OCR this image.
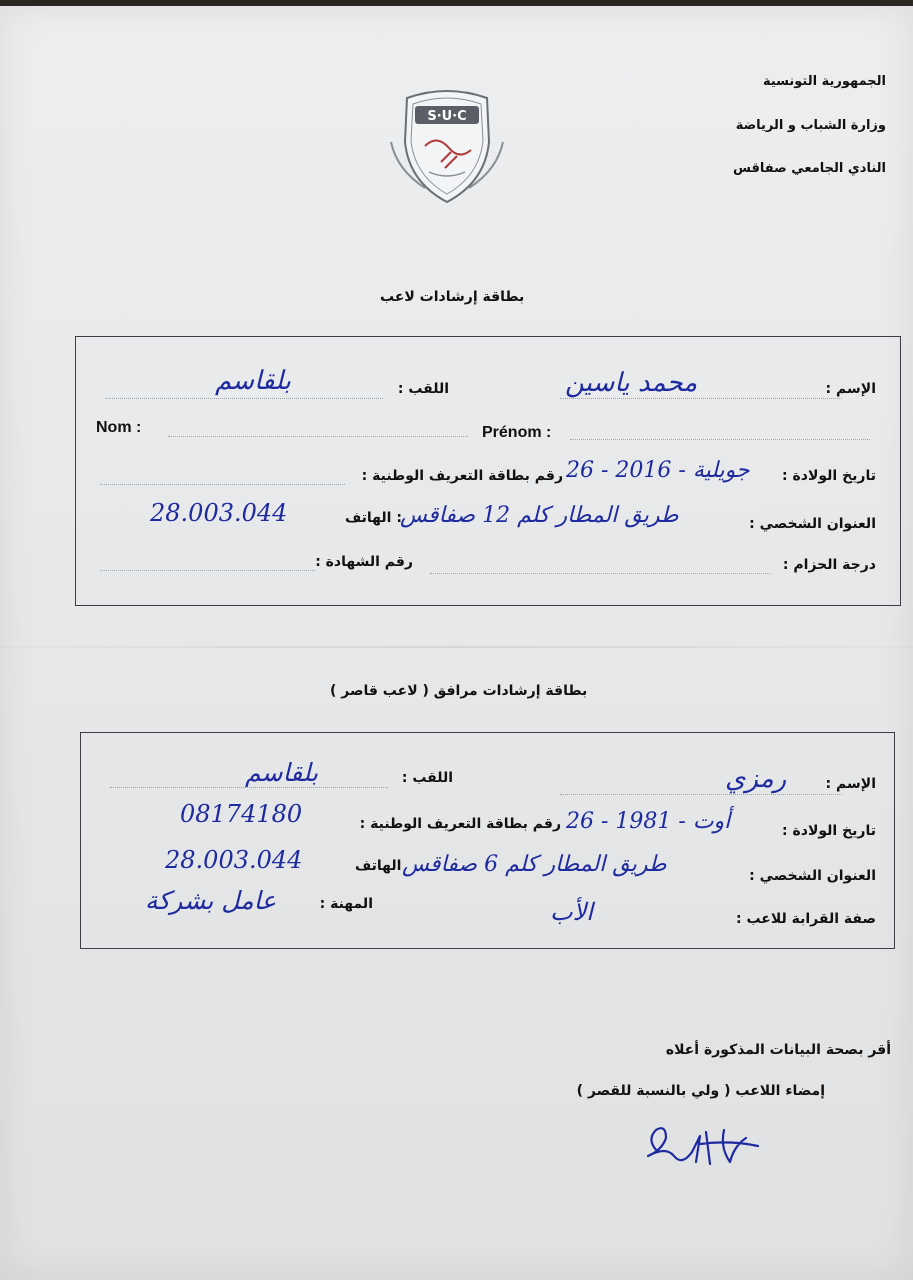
الجمهورية التونسية
وزارة الشباب و الرياضة
النادي الجامعي صفاقس
S·U·C
بطاقة إرشادات لاعب
الإسم :
محمد ياسين
اللقب :
بلقاسم
Nom :	Prénom :
تاريخ الولادة :
26 - جويلية - 2016
رقم بطاقة التعريف الوطنية :
العنوان الشخصي :
طريق المطار كلم 12 صفاقس
الهاتف :
28.003.044
درجة الحزام :
رقم الشهادة :
بطاقة إرشادات مرافق ( لاعب قاصر )
الإسم :
رمزي
اللقب :
بلقاسم
تاريخ الولادة :
26 - أوت - 1981
رقم بطاقة التعريف الوطنية :
08174180
العنوان الشخصي :
طريق المطار كلم 6 صفاقس
الهاتف
28.003.044
صفة القرابة للاعب :
الأب
المهنة :
عامل بشركة
أقر بصحة البيانات المذكورة أعلاه
إمضاء اللاعب ( ولي بالنسبة للقصر )
